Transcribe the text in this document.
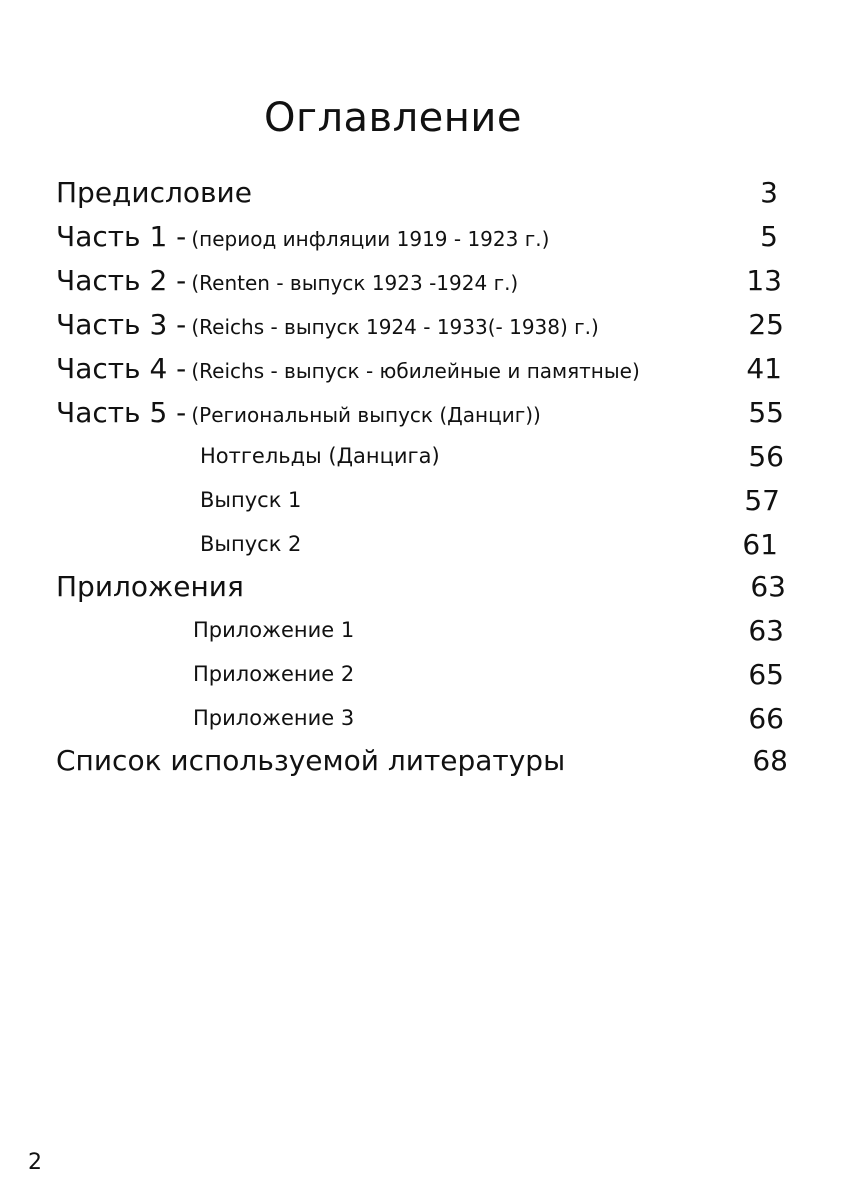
Оглавление
Предисловие	3
Часть 1 - (период инфляции 1919 - 1923 г.)	5
Часть 2 - (Renten - выпуск 1923 -1924 г.)	13
Часть 3 - (Reichs - выпуск 1924 - 1933(- 1938) г.)	25
Часть 4 - (Reichs - выпуск - юбилейные и памятные)	41
Часть 5 - (Региональный выпуск (Данциг))	55
Нотгельды (Данцига)	56
Выпуск 1	57
Выпуск 2	61
Приложения	63
Приложение 1	63
Приложение 2	65
Приложение 3	66
Список используемой литературы	68
2
